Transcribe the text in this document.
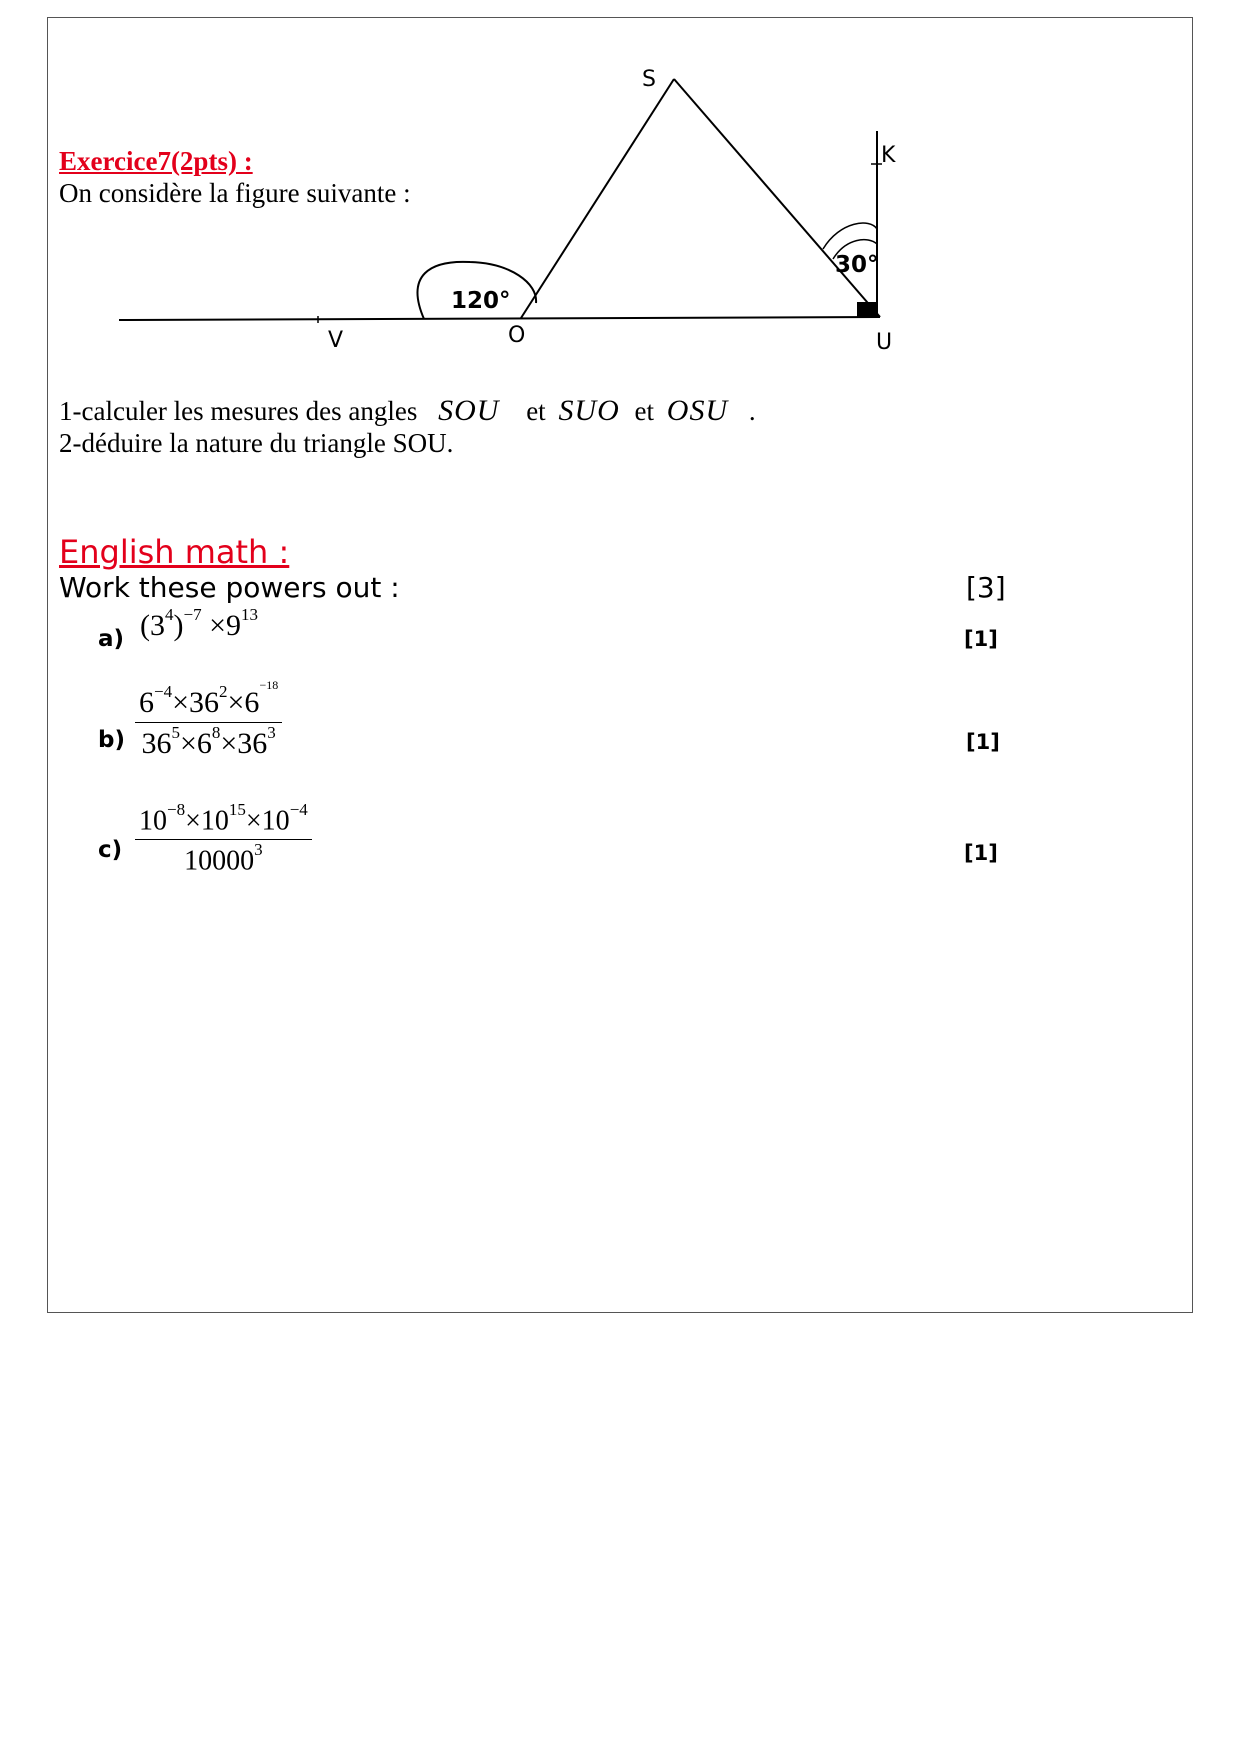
Exercice7(2pts) :
On considère la figure suivante :
S
K
V	O	U
120°
30°
1-calculer les mesures des angles SOU et SUO et OSU .
2-déduire la nature du triangle SOU.
English math :
Work these powers out :	[3]
a) $(3^4)^{-7} \times 9^{13}$
[1]
$b) \frac{6^{-4}\times 36^2\times 6^{-18}}{36^5\times 6^8\times 36^3}$	[1]
$c) \frac{10^{-8}\times 10^{15}\times 10^{-4}}{10000^3}$	[1]
